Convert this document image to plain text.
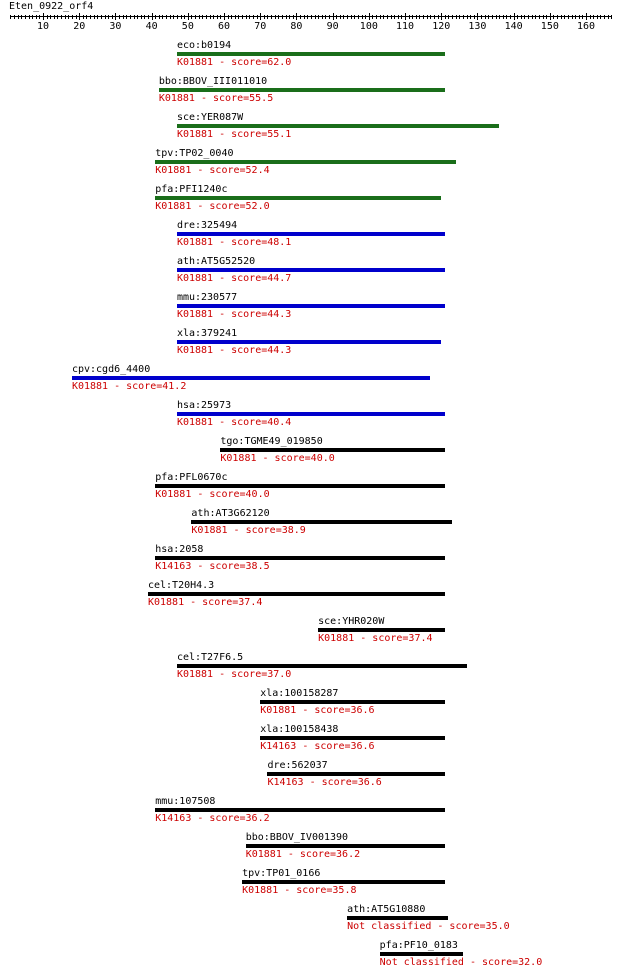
Eten_0922_orf4
10 20 30 40 50 60 70 80 90 100 110 120 130 140 150 160
eco:b0194
K01881 - score=62.0
bbo:BBOV_III011010
K01881 - score=55.5
sce:YER087W
K01881 - score=55.1
tpv:TP02_0040
K01881 - score=52.4
pfa:PFI1240c
K01881 - score=52.0
dre:325494
K01881 - score=48.1
ath:AT5G52520
K01881 - score=44.7
mmu:230577
K01881 - score=44.3
xla:379241
K01881 - score=44.3
cpv:cgd6_4400
K01881 - score=41.2
hsa:25973
K01881 - score=40.4
tgo:TGME49_019850
K01881 - score=40.0
pfa:PFL0670c
K01881 - score=40.0
ath:AT3G62120
K01881 - score=38.9
hsa:2058
K14163 - score=38.5
cel:T20H4.3
K01881 - score=37.4
sce:YHR020W
K01881 - score=37.4
cel:T27F6.5
K01881 - score=37.0
xla:100158287
K01881 - score=36.6
xla:100158438
K14163 - score=36.6
dre:562037
K14163 - score=36.6
mmu:107508
K14163 - score=36.2
bbo:BBOV_IV001390
K01881 - score=36.2
tpv:TP01_0166
K01881 - score=35.8
ath:AT5G10880
Not classified - score=35.0
pfa:PF10_0183
Not classified - score=32.0
